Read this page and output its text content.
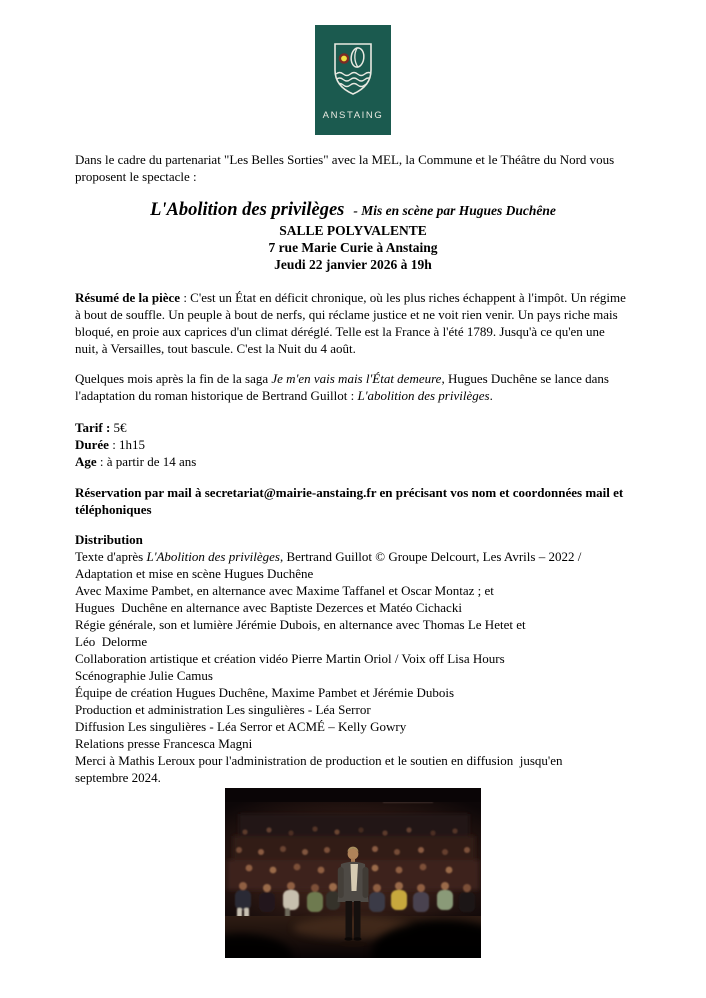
ANSTAING

Dans le cadre du partenariat "Les Belles Sorties" avec la MEL, la Commune et le Théâtre du Nord vous proposent le spectacle :

L'Abolition des privilèges - Mis en scène par Hugues Duchêne
SALLE POLYVALENTE
7 rue Marie Curie à Anstaing
Jeudi 22 janvier 2026 à 19h

Résumé de la pièce : C'est un État en déficit chronique, où les plus riches échappent à l'impôt. Un régime à bout de souffle. Un peuple à bout de nerfs, qui réclame justice et ne voit rien venir. Un pays riche mais bloqué, en proie aux caprices d'un climat déréglé. Telle est la France à l'été 1789. Jusqu'à ce qu'en une nuit, à Versailles, tout bascule. C'est la Nuit du 4 août.

Quelques mois après la fin de la saga Je m'en vais mais l'État demeure, Hugues Duchêne se lance dans l'adaptation du roman historique de Bertrand Guillot : L'abolition des privilèges.

Tarif : 5€
Durée : 1h15
Age : à partir de 14 ans

Réservation par mail à secretariat@mairie-anstaing.fr en précisant vos nom et coordonnées mail et téléphoniques

Distribution

Texte d'après L'Abolition des privilèges, Bertrand Guillot © Groupe Delcourt, Les Avrils – 2022 / Adaptation et mise en scène Hugues Duchêne

Avec Maxime Pambet, en alternance avec Maxime Taffanel et Oscar Montaz ; et
Hugues  Duchêne en alternance avec Baptiste Dezerces et Matéo Cichacki
Régie générale, son et lumière Jérémie Dubois, en alternance avec Thomas Le Hetet et
Léo  Delorme
Collaboration artistique et création vidéo Pierre Martin Oriol / Voix off Lisa Hours
Scénographie Julie Camus
Équipe de création Hugues Duchêne, Maxime Pambet et Jérémie Dubois
Production et administration Les singulières - Léa Serror
Diffusion Les singulières - Léa Serror et ACMÉ – Kelly Gowry
Relations presse Francesca Magni
Merci à Mathis Leroux pour l'administration de production et le soutien en diffusion  jusqu'en
septembre 2024.
